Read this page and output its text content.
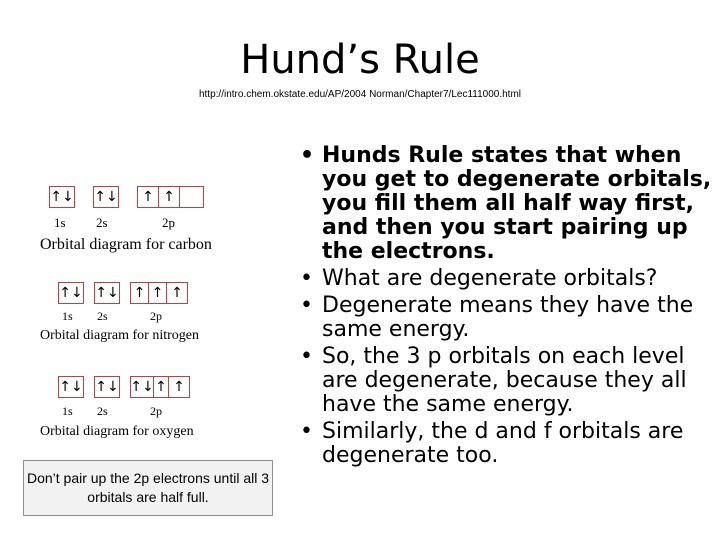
Hund’s Rule
http://intro.chem.okstate.edu/AP/2004 Norman/Chapter7/Lec111000.html
↑↓ ↑↓	↑ ↑
1s 2s	2p
Orbital diagram for carbon
↑↓ ↑↓ ↑ ↑ ↑
1s 2s	2p
Orbital diagram for nitrogen
↑↓ ↑↓ ↑↓ ↑ ↑
1s 2s	2p
Orbital diagram for oxygen
Don’t pair up the 2p electrons until all 3 orbitals are half full.
• Hunds Rule states that when you get to degenerate orbitals, you fill them all half way first, and then you start pairing up the electrons.
• What are degenerate orbitals?
• Degenerate means they have the same energy.
• So, the 3 p orbitals on each level are degenerate, because they all have the same energy.
• Similarly, the d and f orbitals are degenerate too.
